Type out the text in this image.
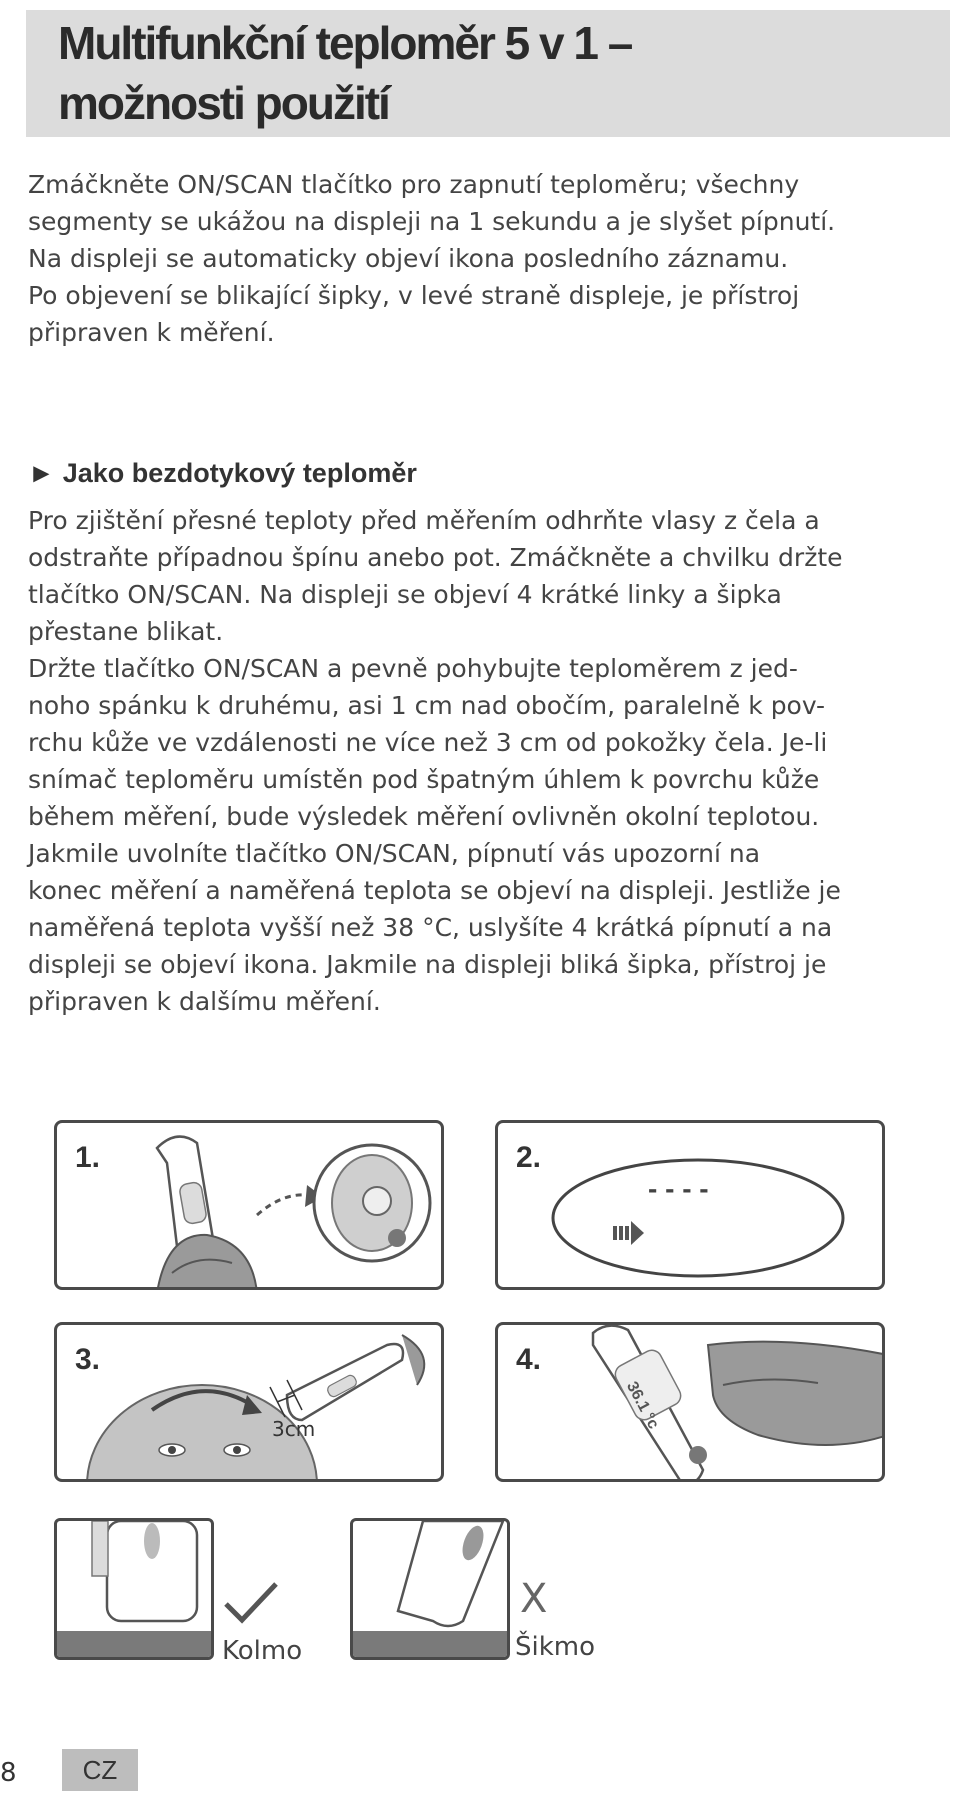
Multifunkční teploměr 5 v 1 –
možnosti použití
Zmáčkněte ON/SCAN tlačítko pro zapnutí teploměru; všechny
segmenty se ukážou na displeji na 1 sekundu a je slyšet pípnutí.
Na displeji se automaticky objeví ikona posledního záznamu.
Po objevení se blikající šipky, v levé straně displeje, je přístroj
připraven k měření.
► Jako bezdotykový teploměr
Pro zjištění přesné teploty před měřením odhrňte vlasy z čela a
odstraňte případnou špínu anebo pot. Zmáčkněte a chvilku držte
tlačítko ON/SCAN. Na displeji se objeví 4 krátké linky a šipka
přestane blikat.
Držte tlačítko ON/SCAN a pevně pohybujte teploměrem z jed-
noho spánku k druhému, asi 1 cm nad obočím, paralelně k pov-
rchu kůže ve vzdálenosti ne více než 3 cm od pokožky čela. Je-li
snímač teploměru umístěn pod špatným úhlem k povrchu kůže
během měření, bude výsledek měření ovlivněn okolní teplotou.
Jakmile uvolníte tlačítko ON/SCAN, pípnutí vás upozorní na
konec měření a naměřená teplota se objeví na displeji. Jestliže je
naměřená teplota vyšší než 38 °C, uslyšíte 4 krátká pípnutí a na
displeji se objeví ikona. Jakmile na displeji bliká šipka, přístroj je
připraven k dalšímu měření.
1.	2.
- - - -
3.
3cm
4.
36.1 °c
Kolmo
X
Šikmo
8	CZ
